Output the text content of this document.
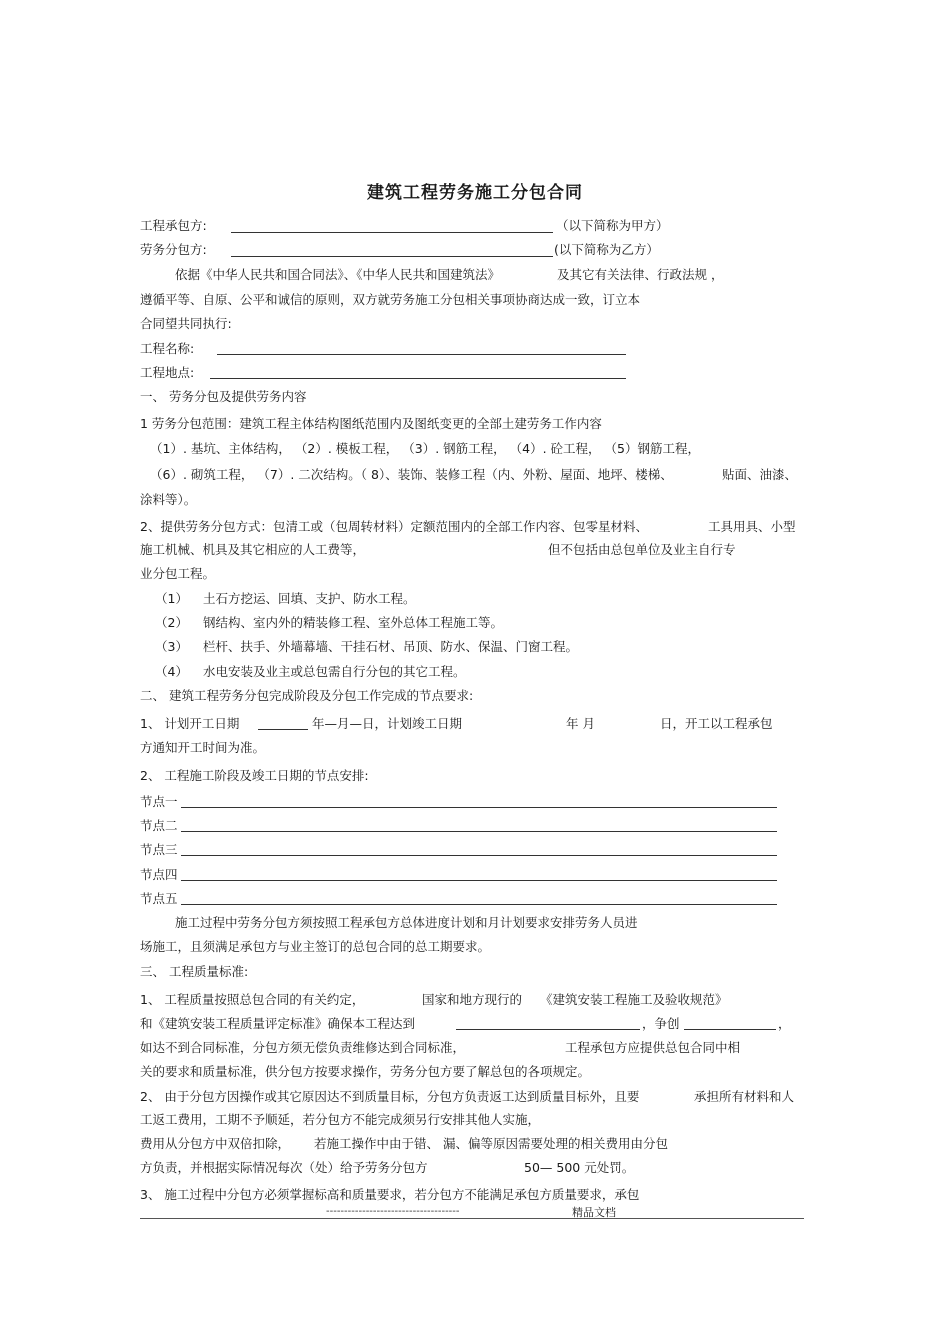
建筑工程劳务施工分包合同
工程承包方:	（以下简称为甲方）
劳务分包方:	(以下简称为乙方）
依据《中华人民共和国合同法》、《中华人民共和国建筑法》	及其它有关法律、行政法规 ，
遵循平等、自原、公平和诚信的原则，双方就劳务施工分包相关事项协商达成一致，订立本
合同望共同执行:
工程名称:
工程地点:
一、 劳务分包及提供劳务内容
1 劳务分包范围：建筑工程主体结构图纸范围内及图纸变更的全部土建劳务工作内容
（1）. 基坑、主体结构， （2）. 模板工程， （3）. 钢筋工程， （4）. 砼工程， （5）钢筋工程，
（6）. 砌筑工程， （7）. 二次结构。（ 8）、装饰、装修工程（内、外粉、屋面、地坪、楼梯、	贴面、油漆、
涂料等）。
2、提供劳务分包方式：包清工或（包周转材料）定额范围内的全部工作内容、包零星材料、	工具用具、小型
施工机械、机具及其它相应的人工费等，	但不包括由总包单位及业主自行专
业分包工程。
（1） 土石方挖运、回填、支护、防水工程。
（2） 钢结构、室内外的精装修工程、室外总体工程施工等。
（3） 栏杆、扶手、外墙幕墙、干挂石材、吊顶、防水、保温、门窗工程。
（4） 水电安装及业主或总包需自行分包的其它工程。
二、 建筑工程劳务分包完成阶段及分包工作完成的节点要求:
1、 计划开工日期	年—月—日，计划竣工日期	年 月	日，开工以工程承包
方通知开工时间为准。
2、 工程施工阶段及竣工日期的节点安排:
节点一
节点二
节点三
节点四
节点五
施工过程中劳务分包方须按照工程承包方总体进度计划和月计划要求安排劳务人员进
场施工，且须满足承包方与业主签订的总包合同的总工期要求。
三、 工程质量标准:
1、 工程质量按照总包合同的有关约定，	国家和地方现行的 《建筑安装工程施工及验收规范》
和《建筑安装工程质量评定标准》确保本工程达到	，争创	，
如达不到合同标准，分包方须无偿负责维修达到合同标准，	工程承包方应提供总包合同中相
关的要求和质量标准，供分包方按要求操作，劳务分包方要了解总包的各项规定。
2、 由于分包方因操作或其它原因达不到质量目标，分包方负责返工达到质量目标外，且要	承担所有材料和人
工返工费用，工期不予顺延，若分包方不能完成须另行安排其他人实施，
费用从分包方中双倍扣除， 若施工操作中由于错、 漏、偏等原因需要处理的相关费用由分包
方负责，并根据实际情况每次（处）给予劳务分包方	50— 500 元处罚。
3、 施工过程中分包方必须掌握标高和质量要求，若分包方不能满足承包方质量要求，承包
-------------------------------------	精品文档
